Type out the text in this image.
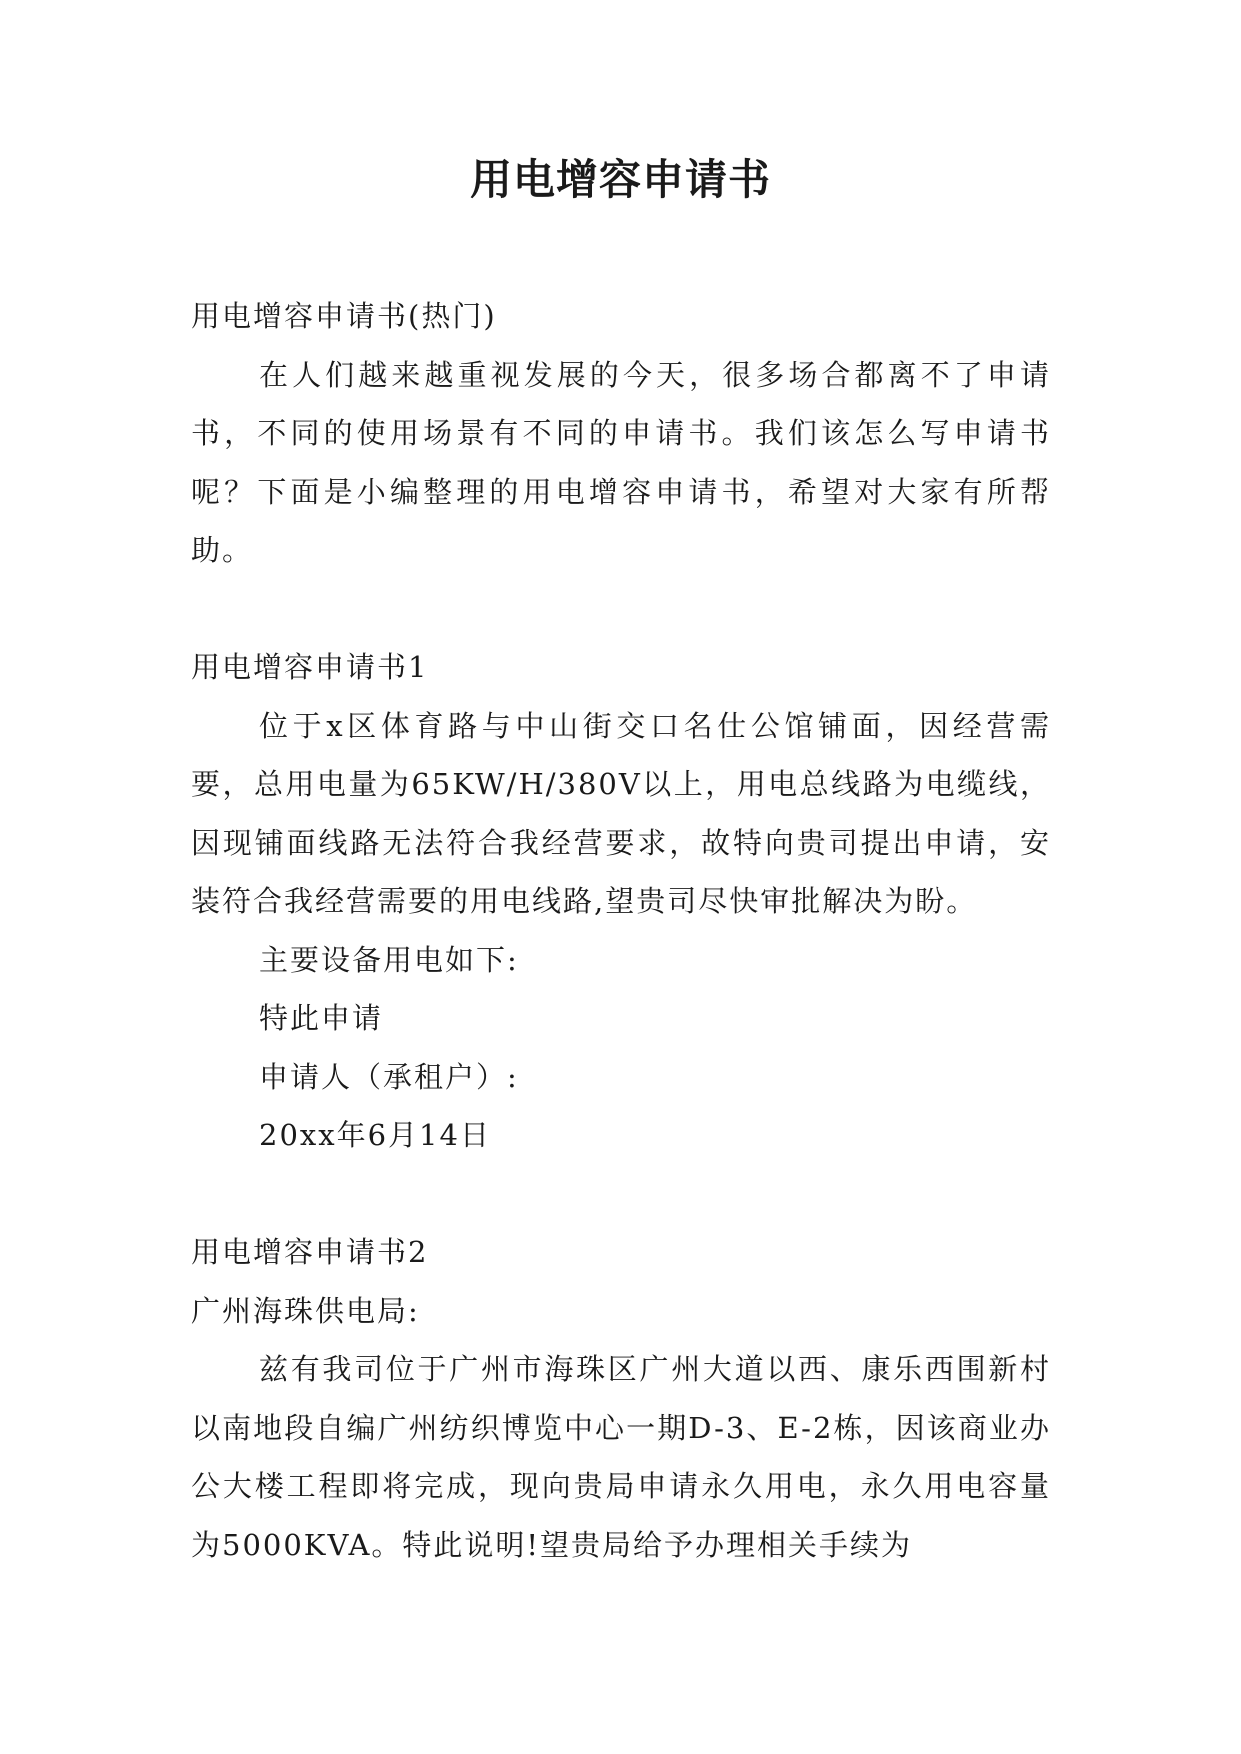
用电增容申请书

用电增容申请书(热门)

在人们越来越重视发展的今天，很多场合都离不了申请书，不同的使用场景有不同的申请书。我们该怎么写申请书呢？下面是小编整理的用电增容申请书，希望对大家有所帮助。

用电增容申请书1

位于x区体育路与中山街交口名仕公馆铺面，因经营需要，总用电量为65KW/H/380V以上，用电总线路为电缆线，因现铺面线路无法符合我经营要求，故特向贵司提出申请，安装符合我经营需要的用电线路,望贵司尽快审批解决为盼。

主要设备用电如下:

特此申请

申请人（承租户）:

20xx年6月14日

用电增容申请书2

广州海珠供电局:

兹有我司位于广州市海珠区广州大道以西、康乐西围新村以南地段自编广州纺织博览中心一期D-3、E-2栋，因该商业办公大楼工程即将完成，现向贵局申请永久用电，永久用电容量为5000KVA。特此说明!望贵局给予办理相关手续为
